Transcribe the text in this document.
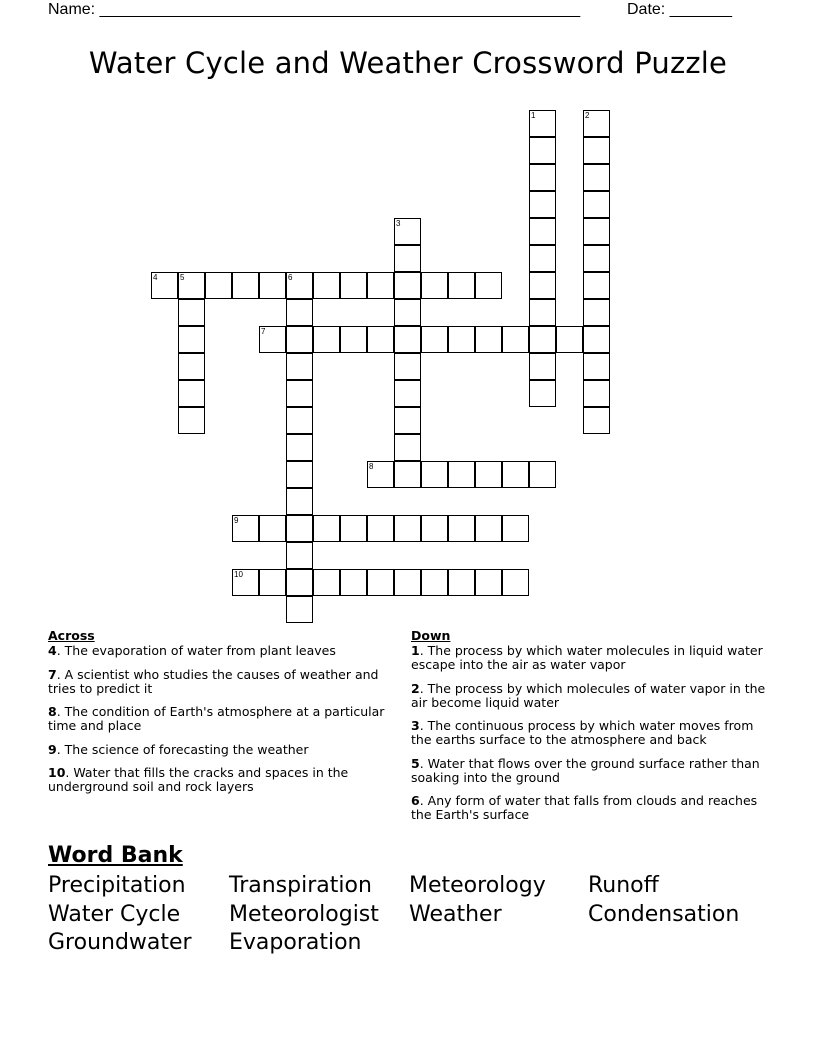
Name: ______________________________________________________	Date: _______
Water Cycle and Weather Crossword Puzzle
1	2
3
4	5	6
7
8
9
10
Across
4. The evaporation of water from plant leaves
7. A scientist who studies the causes of weather and tries to predict it
8. The condition of Earth's atmosphere at a particular time and place
9. The science of forecasting the weather
10. Water that fills the cracks and spaces in the underground soil and rock layers
Down
1. The process by which water molecules in liquid water escape into the air as water vapor
2. The process by which molecules of water vapor in the air become liquid water
3. The continuous process by which water moves from the earths surface to the atmosphere and back
5. Water that flows over the ground surface rather than soaking into the ground
6. Any form of water that falls from clouds and reaches the Earth's surface
Word Bank
Precipitation Transpiration Meteorology Runoff
Water Cycle Meteorologist Weather	Condensation
Groundwater Evaporation
